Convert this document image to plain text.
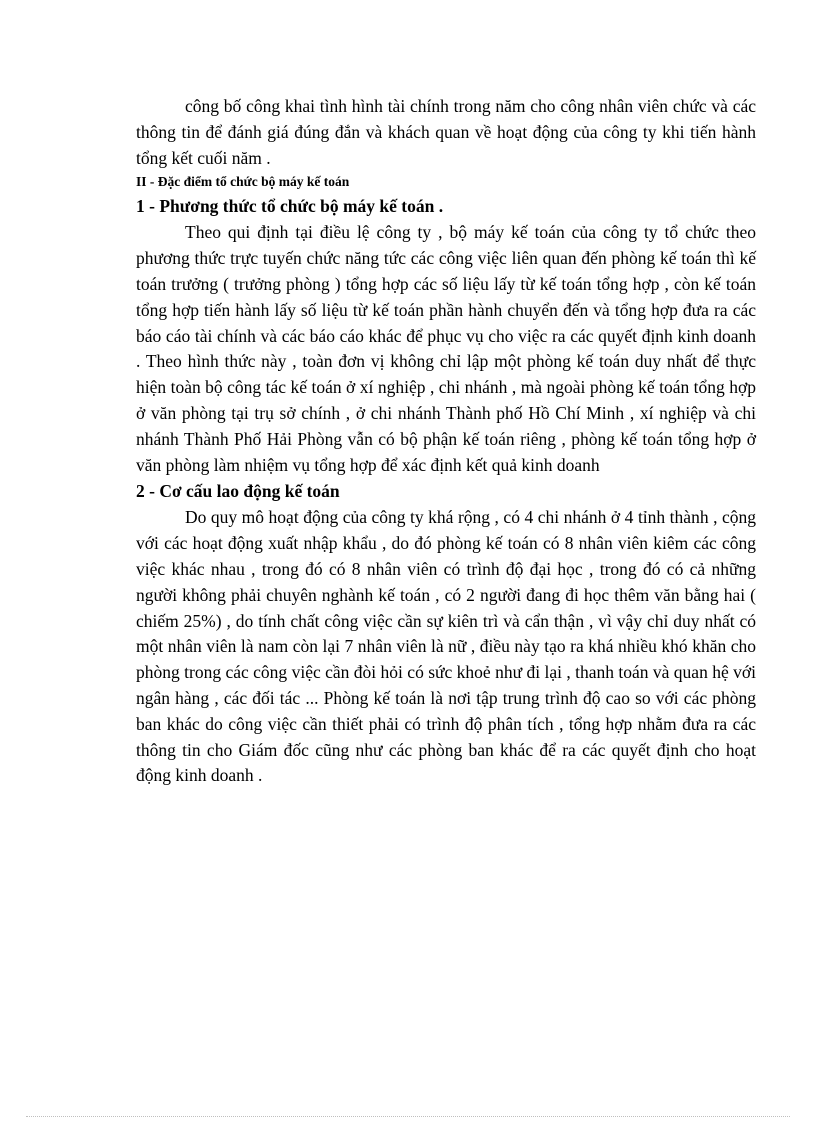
công bố công khai tình hình tài chính trong năm cho công nhân viên chức và các thông tin để đánh giá đúng đắn và khách quan về hoạt động của công ty khi tiến hành tổng kết cuối năm .

II - Đặc điểm tổ chức bộ máy kế toán

1 - Phương thức tổ chức bộ máy kế toán .

Theo qui định tại điều lệ công ty , bộ máy kế toán của công ty tổ chức theo phương thức trực tuyến chức năng tức các công việc liên quan đến phòng kế toán thì kế toán trưởng ( trưởng phòng ) tổng hợp các số liệu lấy từ kế toán tổng hợp , còn kế toán tổng hợp tiến hành lấy số liệu từ kế toán phần hành chuyển đến và tổng hợp đưa ra các báo cáo tài chính và các báo cáo khác để phục vụ cho việc ra các quyết định kinh doanh . Theo hình thức này , toàn đơn vị không chỉ lập một phòng kế toán duy nhất để thực hiện toàn bộ công tác kế toán ở xí nghiệp , chi nhánh , mà ngoài phòng kế toán tổng hợp ở văn phòng tại trụ sở chính , ở chi nhánh Thành phố Hồ Chí Minh , xí nghiệp và chi nhánh Thành Phố Hải Phòng vẫn có bộ phận kế toán riêng , phòng kế toán tổng hợp ở văn phòng làm nhiệm vụ tổng hợp để xác định kết quả kinh doanh

2 - Cơ cấu lao động kế toán

Do quy mô hoạt động của công ty khá rộng , có 4 chi nhánh ở 4 tỉnh thành , cộng với các hoạt động xuất nhập khẩu , do đó phòng kế toán có 8 nhân viên kiêm các công việc khác nhau , trong đó có 8 nhân viên có trình độ đại học , trong đó có cả những người không phải chuyên nghành kế toán , có 2 người đang đi học thêm văn bằng hai ( chiếm 25%) , do tính chất công việc cần sự kiên trì và cẩn thận , vì vậy chỉ duy nhất có một nhân viên là nam còn lại 7 nhân viên là nữ , điều này tạo ra khá nhiều khó khăn cho phòng trong các công việc cần đòi hỏi có sức khoẻ như đi lại , thanh toán và quan hệ với ngân hàng , các đối tác ... Phòng kế toán là nơi tập trung trình độ cao so với các phòng ban khác do công việc cần thiết phải có trình độ phân tích , tổng hợp nhằm đưa ra các thông tin cho Giám đốc cũng như các phòng ban khác để ra các quyết định cho hoạt động kinh doanh .
